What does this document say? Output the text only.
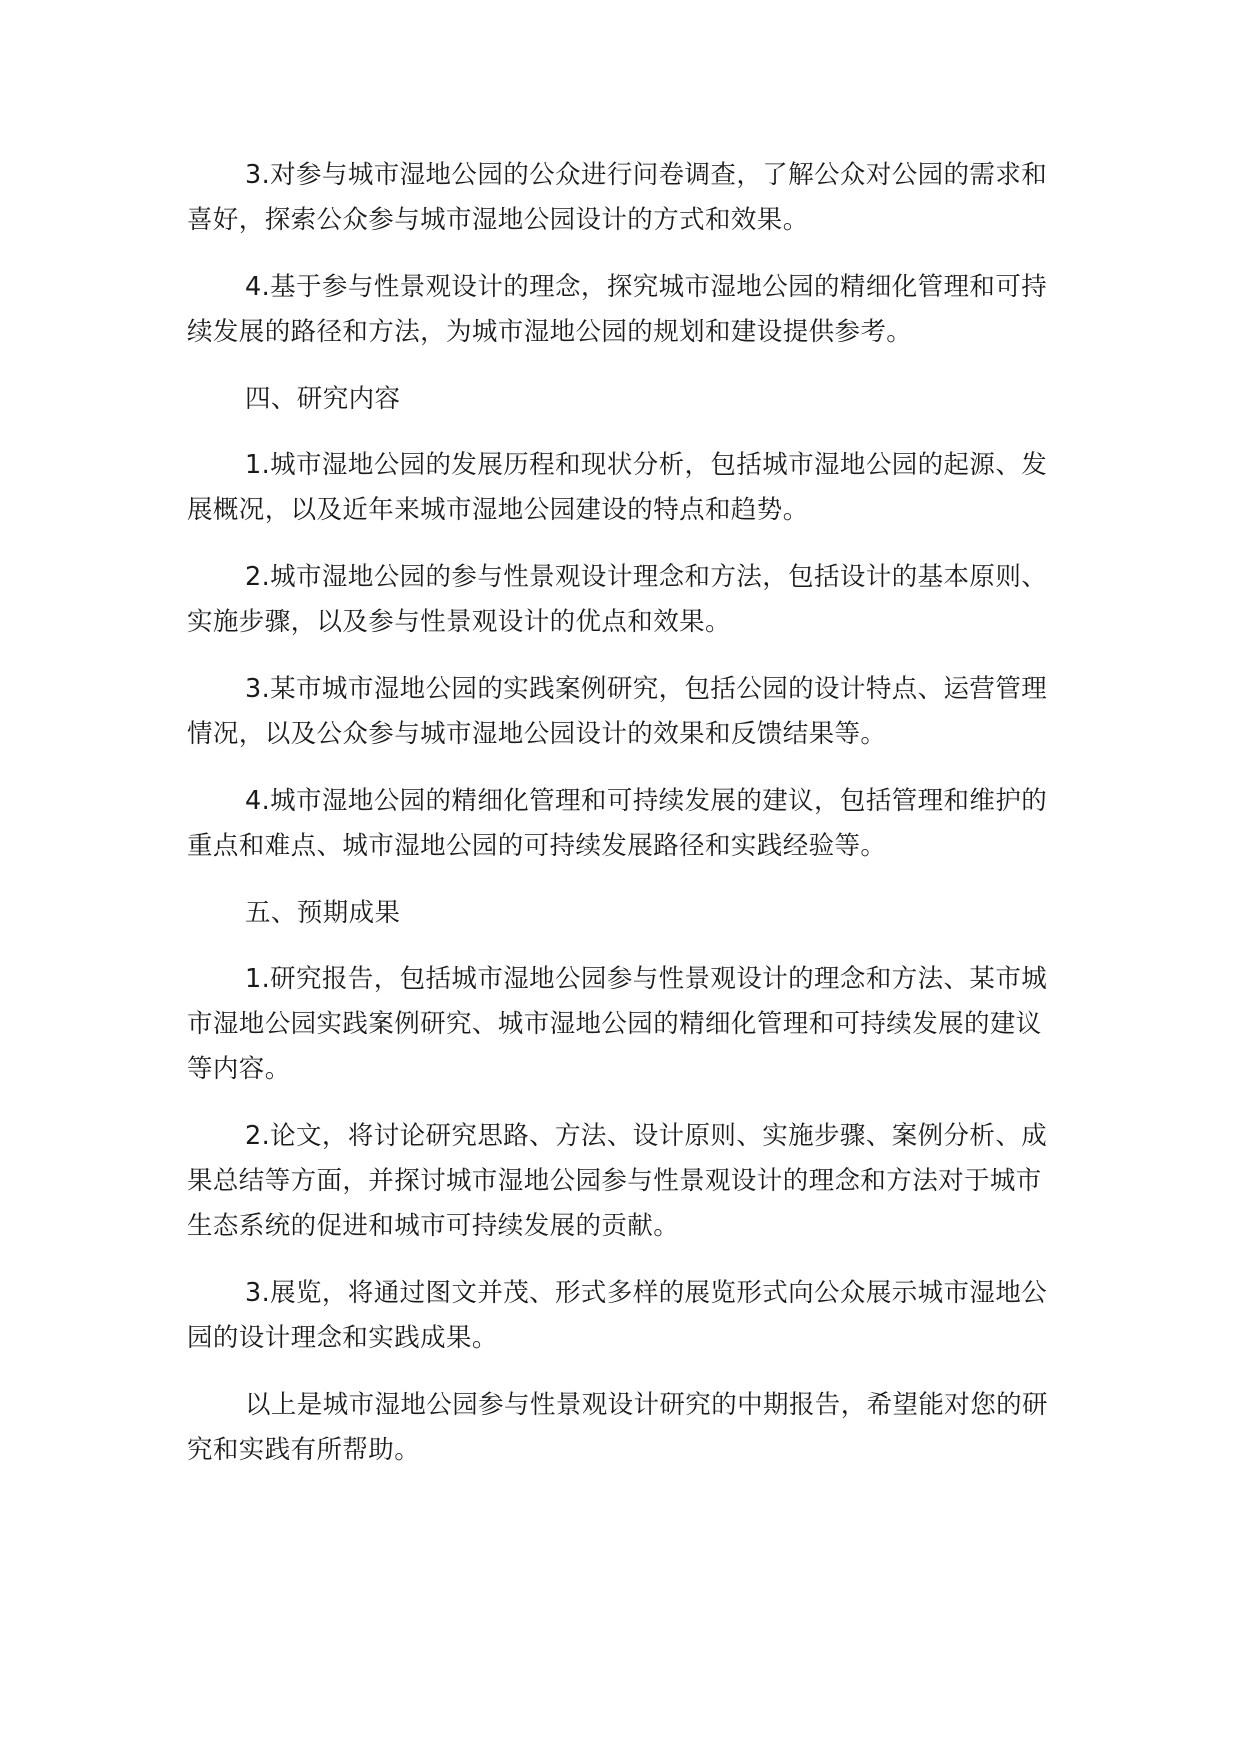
3.对参与城市湿地公园的公众进行问卷调查，了解公众对公园的需求和喜好，探索公众参与城市湿地公园设计的方式和效果。

4.基于参与性景观设计的理念，探究城市湿地公园的精细化管理和可持续发展的路径和方法，为城市湿地公园的规划和建设提供参考。

四、研究内容

1.城市湿地公园的发展历程和现状分析，包括城市湿地公园的起源、发展概况，以及近年来城市湿地公园建设的特点和趋势。

2.城市湿地公园的参与性景观设计理念和方法，包括设计的基本原则、实施步骤，以及参与性景观设计的优点和效果。

3.某市城市湿地公园的实践案例研究，包括公园的设计特点、运营管理情况，以及公众参与城市湿地公园设计的效果和反馈结果等。

4.城市湿地公园的精细化管理和可持续发展的建议，包括管理和维护的重点和难点、城市湿地公园的可持续发展路径和实践经验等。

五、预期成果

1.研究报告，包括城市湿地公园参与性景观设计的理念和方法、某市城市湿地公园实践案例研究、城市湿地公园的精细化管理和可持续发展的建议等内容。

2.论文，将讨论研究思路、方法、设计原则、实施步骤、案例分析、成果总结等方面，并探讨城市湿地公园参与性景观设计的理念和方法对于城市生态系统的促进和城市可持续发展的贡献。

3.展览，将通过图文并茂、形式多样的展览形式向公众展示城市湿地公园的设计理念和实践成果。

以上是城市湿地公园参与性景观设计研究的中期报告，希望能对您的研究和实践有所帮助。
